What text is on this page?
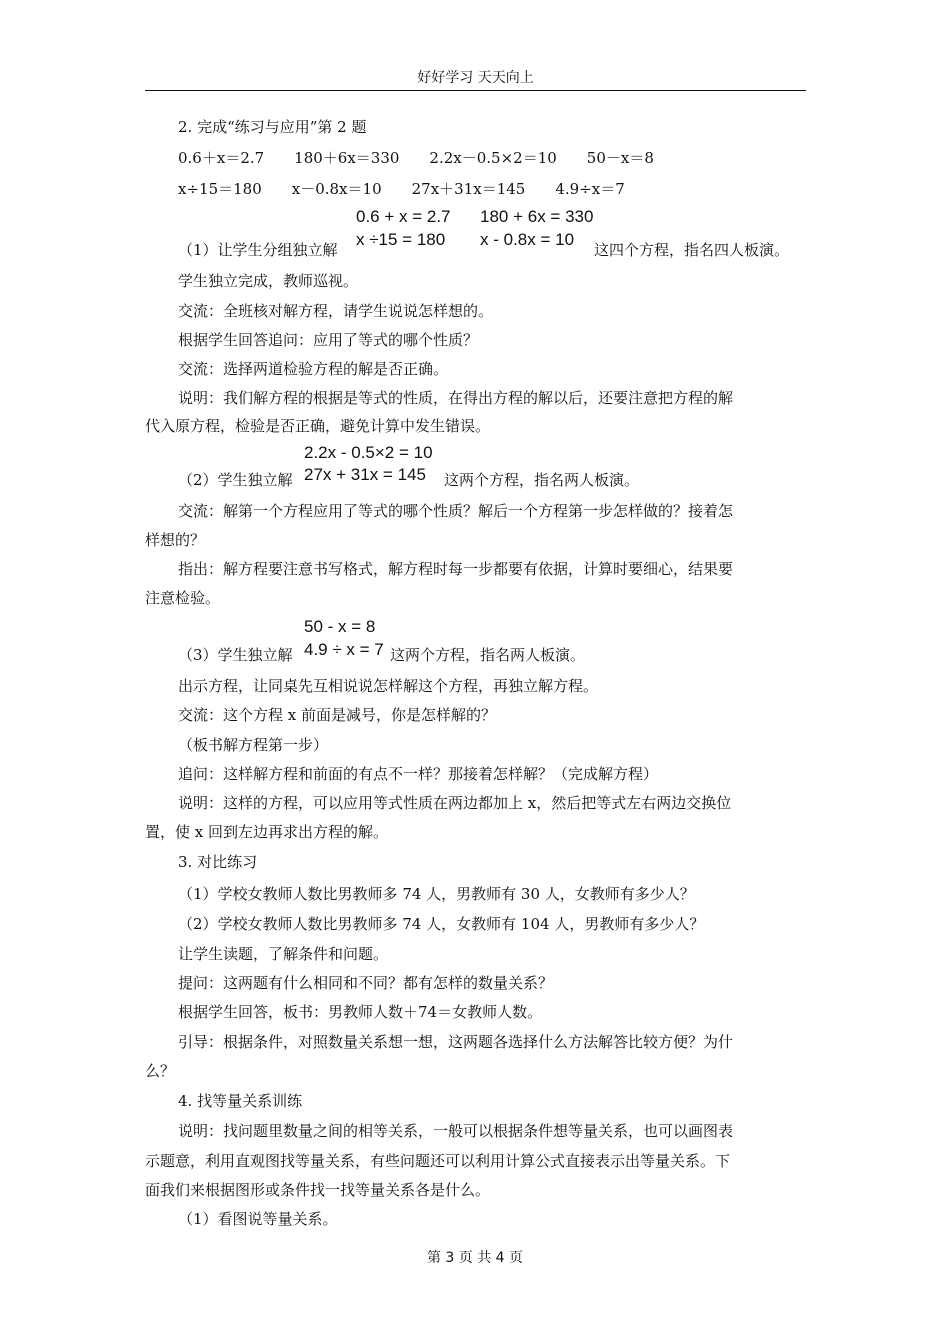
好好学习 天天向上
2. 完成“练习与应用”第 2 题
0.6＋x＝2.7　　180＋6x＝330　　2.2x－0.5×2＝10　　50－x＝8
x÷15＝180　　x－0.8x＝10　　27x＋31x＝145　　4.9÷x＝7
0.6 + x = 2.7 180 + 6x = 330
x ÷15 = 180 x - 0.8x = 10
（1）让学生分组独立解	这四个方程，指名四人板演。
学生独立完成，教师巡视。
交流：全班核对解方程，请学生说说怎样想的。
根据学生回答追问：应用了等式的哪个性质？
交流：选择两道检验方程的解是否正确。
说明：我们解方程的根据是等式的性质，在得出方程的解以后，还要注意把方程的解
代入原方程，检验是否正确，避免计算中发生错误。
2.2x - 0.5×2 = 10
27x + 31x = 145
（2）学生独立解	这两个方程，指名两人板演。
交流：解第一个方程应用了等式的哪个性质？解后一个方程第一步怎样做的？接着怎
样想的？
指出：解方程要注意书写格式，解方程时每一步都要有依据，计算时要细心，结果要
注意检验。
50 - x = 8
4.9 ÷ x = 7
（3）学生独立解	这两个方程，指名两人板演。
出示方程，让同桌先互相说说怎样解这个方程，再独立解方程。
交流：这个方程 x 前面是减号，你是怎样解的？
（板书解方程第一步）
追问：这样解方程和前面的有点不一样？那接着怎样解？（完成解方程）
说明：这样的方程，可以应用等式性质在两边都加上 x，然后把等式左右两边交换位
置，使 x 回到左边再求出方程的解。
3. 对比练习
（1）学校女教师人数比男教师多 74 人，男教师有 30 人，女教师有多少人？
（2）学校女教师人数比男教师多 74 人，女教师有 104 人，男教师有多少人？
让学生读题，了解条件和问题。
提问：这两题有什么相同和不同？都有怎样的数量关系？
根据学生回答，板书：男教师人数＋74＝女教师人数。
引导：根据条件，对照数量关系想一想，这两题各选择什么方法解答比较方便？为什
么？
4. 找等量关系训练
说明：找问题里数量之间的相等关系，一般可以根据条件想等量关系，也可以画图表
示题意，利用直观图找等量关系，有些问题还可以利用计算公式直接表示出等量关系。下
面我们来根据图形或条件找一找等量关系各是什么。
（1）看图说等量关系。
第 3 页 共 4 页
